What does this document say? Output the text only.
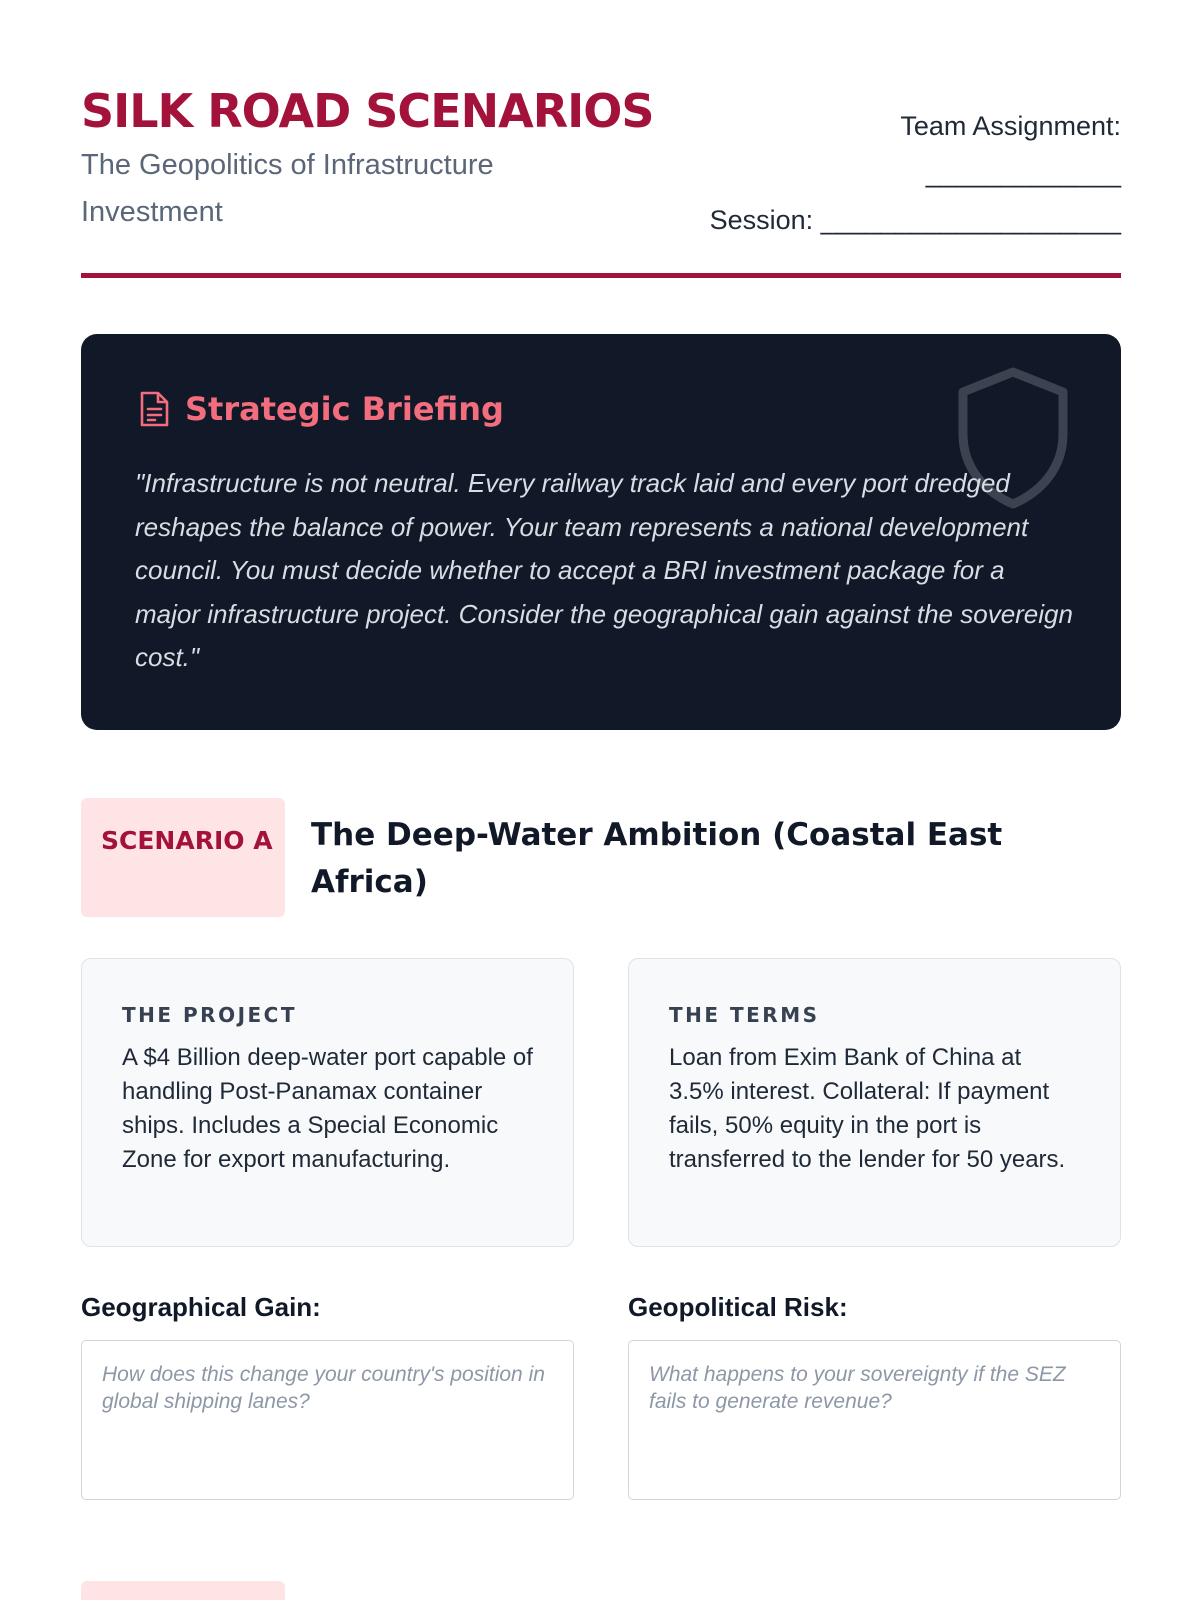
SILK ROAD SCENARIOS
The Geopolitics of Infrastructure Investment
Team Assignment:
_____________
Session: ____________________
Strategic Briefing
"Infrastructure is not neutral. Every railway track laid and every port dredged reshapes the balance of power. Your team represents a national development council. You must decide whether to accept a BRI investment package for a major infrastructure project. Consider the geographical gain against the sovereign cost."
SCENARIO A	The Deep-Water Ambition (Coastal East Africa)
THE PROJECT
A $4 Billion deep-water port capable of handling Post-Panamax container ships. Includes a Special Economic Zone for export manufacturing.
THE TERMS
Loan from Exim Bank of China at 3.5% interest. Collateral: If payment fails, 50% equity in the port is transferred to the lender for 50 years.
Geographical Gain:	Geopolitical Risk:
How does this change your country's position in global shipping lanes?
What happens to your sovereignty if the SEZ fails to generate revenue?
